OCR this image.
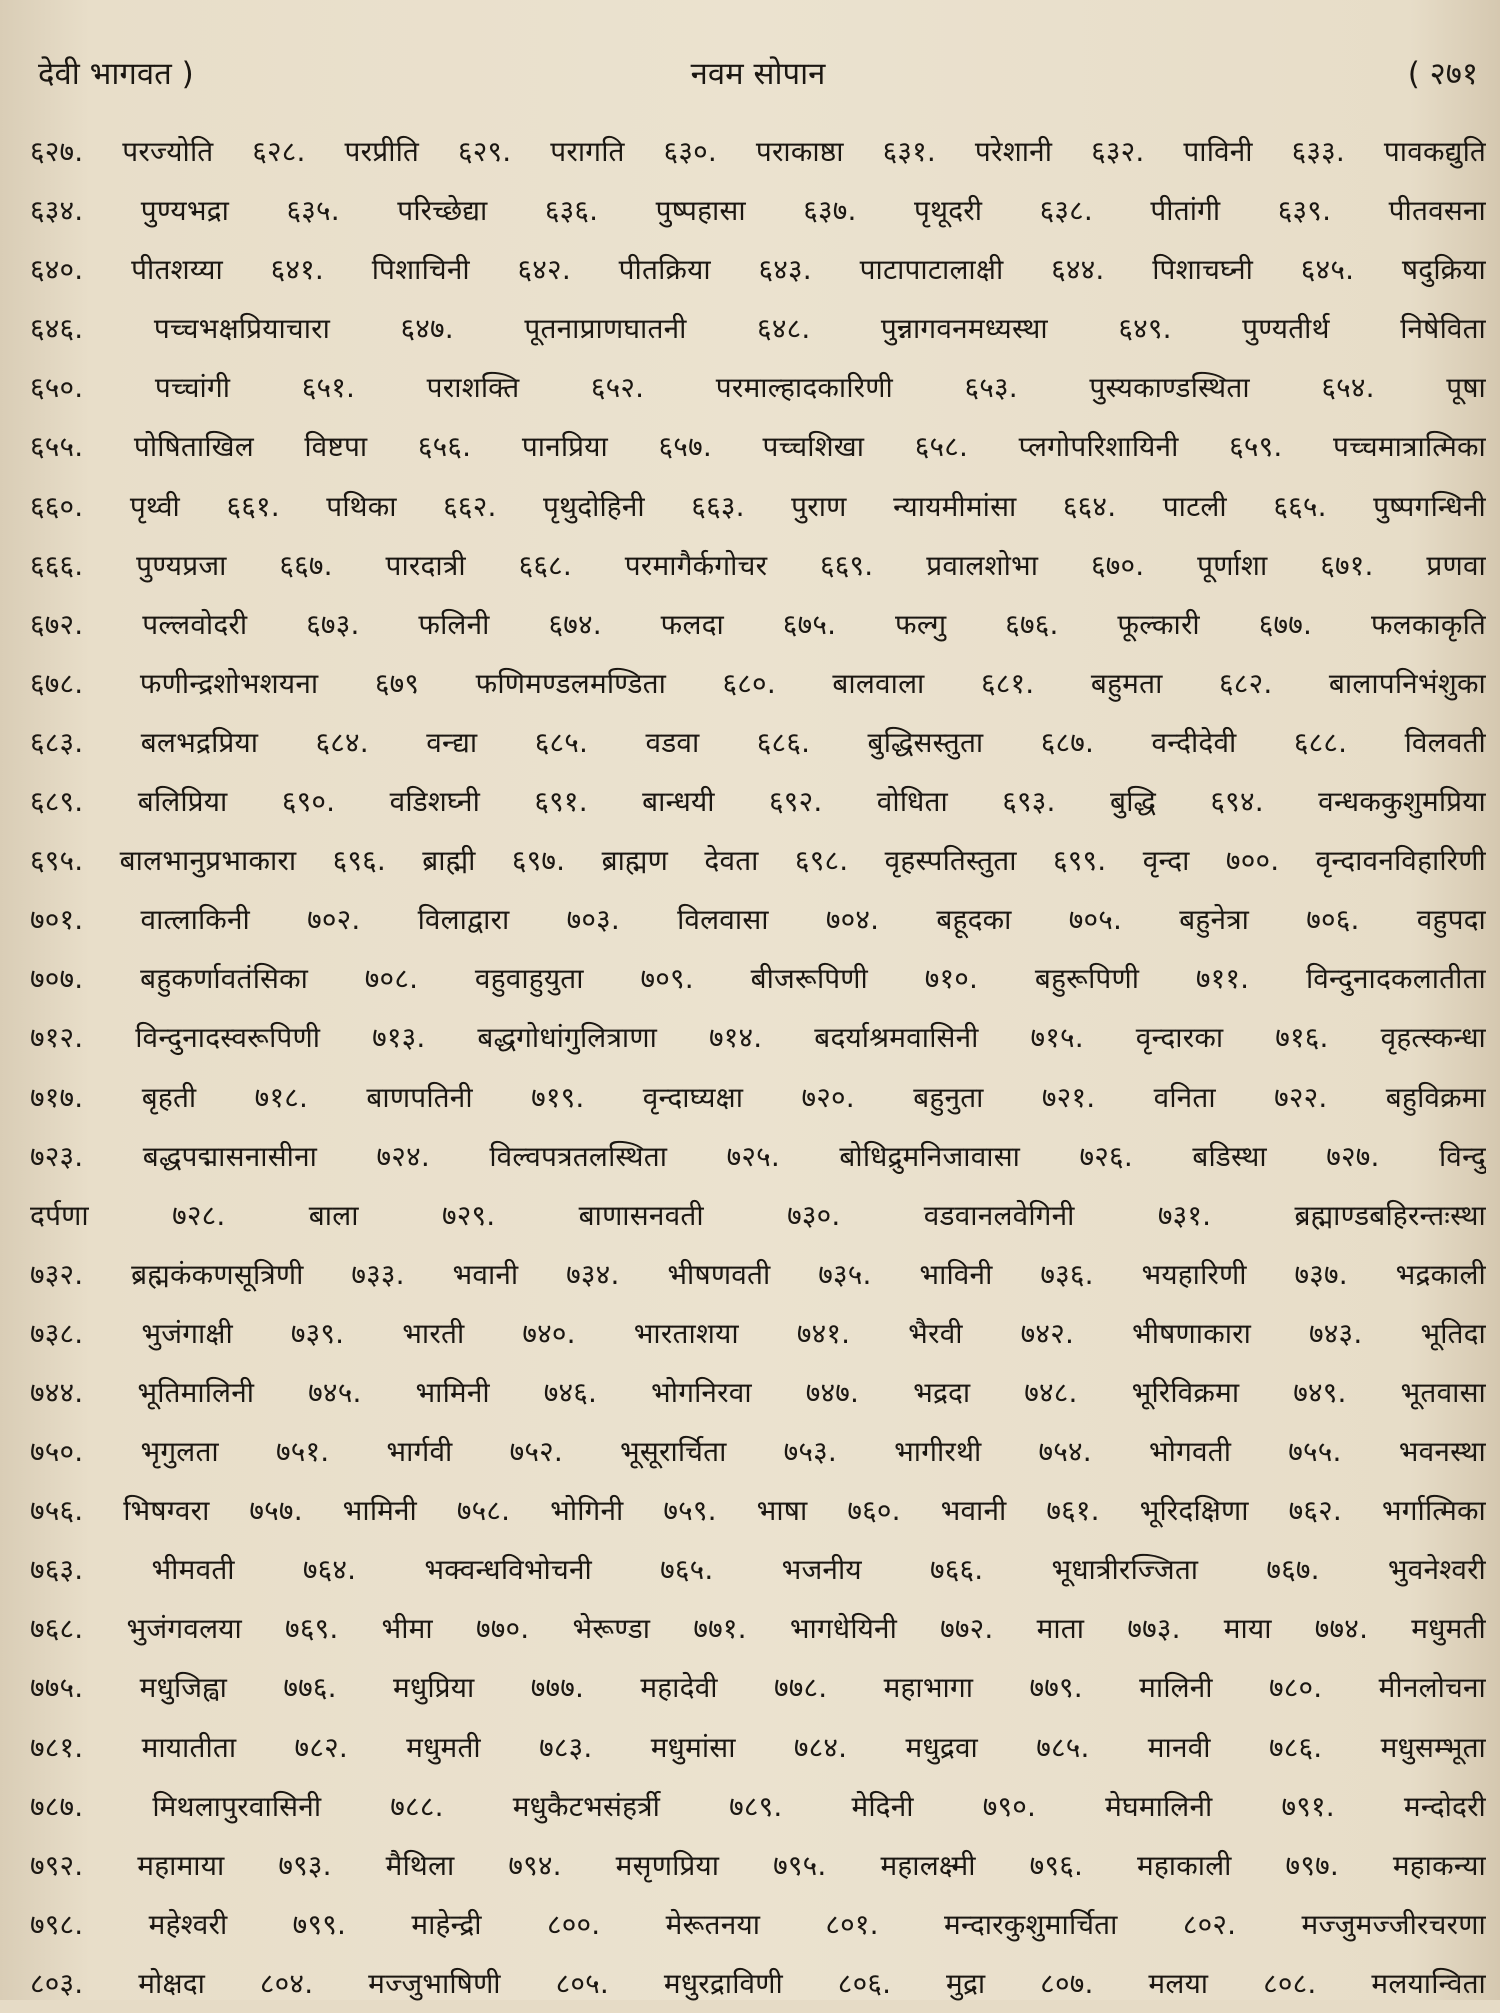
देवी भागवत )	नवम सोपान	( २७१
६२७. परज्योति ६२८. परप्रीति ६२९. परागति ६३०. पराकाष्ठा ६३१. परेशानी ६३२. पाविनी ६३३. पावकद्युति
६३४. पुण्यभद्रा ६३५. परिच्छेद्या ६३६. पुष्पहासा ६३७. पृथूदरी ६३८. पीतांगी ६३९. पीतवसना
६४०. पीतशय्या ६४१. पिशाचिनी ६४२. पीतक्रिया ६४३. पाटापाटालाक्षी ६४४. पिशाचघ्नी ६४५. षदुक्रिया
६४६. पच्चभक्षप्रियाचारा ६४७. पूतनाप्राणघातनी ६४८. पुन्नागवनमध्यस्था ६४९. पुण्यतीर्थ निषेविता
६५०. पच्चांगी ६५१. पराशक्ति ६५२. परमाल्हादकारिणी ६५३. पुस्यकाण्डस्थिता ६५४. पूषा
६५५. पोषिताखिल विष्टपा ६५६. पानप्रिया ६५७. पच्चशिखा ६५८. प्लगोपरिशायिनी ६५९. पच्चमात्रात्मिका
६६०. पृथ्वी ६६१. पथिका ६६२. पृथुदोहिनी ६६३. पुराण न्यायमीमांसा ६६४. पाटली ६६५. पुष्पगन्धिनी
६६६. पुण्यप्रजा ६६७. पारदात्री ६६८. परमागैर्कगोचर ६६९. प्रवालशोभा ६७०. पूर्णाशा ६७१. प्रणवा
६७२. पल्लवोदरी ६७३. फलिनी ६७४. फलदा ६७५. फल्गु ६७६. फूल्कारी ६७७. फलकाकृति
६७८. फणीन्द्रशोभशयना ६७९ फणिमण्डलमण्डिता ६८०. बालवाला ६८१. बहुमता ६८२. बालापनिभंशुका
६८३. बलभद्रप्रिया ६८४. वन्द्या ६८५. वडवा ६८६. बुद्धिसस्तुता ६८७. वन्दीदेवी ६८८. विलवती
६८९. बलिप्रिया ६९०. वडिशघ्नी ६९१. बान्धयी ६९२. वोधिता ६९३. बुद्धि ६९४. वन्धककुशुमप्रिया
६९५. बालभानुप्रभाकारा ६९६. ब्राह्मी ६९७. ब्राह्मण देवता ६९८. वृहस्पतिस्तुता ६९९. वृन्दा ७००. वृन्दावनविहारिणी
७०१. वात्लाकिनी ७०२. विलाद्वारा ७०३. विलवासा ७०४. बहूदका ७०५. बहुनेत्रा ७०६. वहुपदा
७०७. बहुकर्णावतंसिका ७०८. वहुवाहुयुता ७०९. बीजरूपिणी ७१०. बहुरूपिणी ७११. विन्दुनादकलातीता
७१२. विन्दुनादस्वरूपिणी ७१३. बद्धगोधांगुलित्राणा ७१४. बदर्याश्रमवासिनी ७१५. वृन्दारका ७१६. वृहत्स्कन्धा
७१७. बृहती ७१८. बाणपतिनी ७१९. वृन्दाघ्यक्षा ७२०. बहुनुता ७२१. वनिता ७२२. बहुविक्रमा
७२३. बद्धपद्मासनासीना ७२४. विल्वपत्रतलस्थिता ७२५. बोधिद्रुमनिजावासा ७२६. बडिस्था ७२७. विन्दु
दर्पणा ७२८. बाला ७२९. बाणासनवती ७३०. वडवानलवेगिनी ७३१. ब्रह्माण्डबहिरन्तःस्था
७३२. ब्रह्मकंकणसूत्रिणी ७३३. भवानी ७३४. भीषणवती ७३५. भाविनी ७३६. भयहारिणी ७३७. भद्रकाली
७३८. भुजंगाक्षी ७३९. भारती ७४०. भारताशया ७४१. भैरवी ७४२. भीषणाकारा ७४३. भूतिदा
७४४. भूतिमालिनी ७४५. भामिनी ७४६. भोगनिरवा ७४७. भद्रदा ७४८. भूरिविक्रमा ७४९. भूतवासा
७५०. भृगुलता ७५१. भार्गवी ७५२. भूसूरार्चिता ७५३. भागीरथी ७५४. भोगवती ७५५. भवनस्था
७५६. भिषग्वरा ७५७. भामिनी ७५८. भोगिनी ७५९. भाषा ७६०. भवानी ७६१. भूरिदक्षिणा ७६२. भर्गात्मिका
७६३. भीमवती ७६४. भक्वन्धविभोचनी ७६५. भजनीय ७६६. भूधात्रीरज्जिता ७६७. भुवनेश्वरी
७६८. भुजंगवलया ७६९. भीमा ७७०. भेरूण्डा ७७१. भागधेयिनी ७७२. माता ७७३. माया ७७४. मधुमती
७७५. मधुजिह्वा ७७६. मधुप्रिया ७७७. महादेवी ७७८. महाभागा ७७९. मालिनी ७८०. मीनलोचना
७८१. मायातीता ७८२. मधुमती ७८३. मधुमांसा ७८४. मधुद्रवा ७८५. मानवी ७८६. मधुसम्भूता
७८७. मिथलापुरवासिनी ७८८. मधुकैटभसंहर्त्री ७८९. मेदिनी ७९०. मेघमालिनी ७९१. मन्दोदरी
७९२. महामाया ७९३. मैथिला ७९४. मसृणप्रिया ७९५. महालक्ष्मी ७९६. महाकाली ७९७. महाकन्या
७९८. महेश्वरी ७९९. माहेन्द्री ८००. मेरूतनया ८०१. मन्दारकुशुमार्चिता ८०२. मज्जुमज्जीरचरणा
८०३. मोक्षदा ८०४. मज्जुभाषिणी ८०५. मधुरद्राविणी ८०६. मुद्रा ८०७. मलया ८०८. मलयान्विता
